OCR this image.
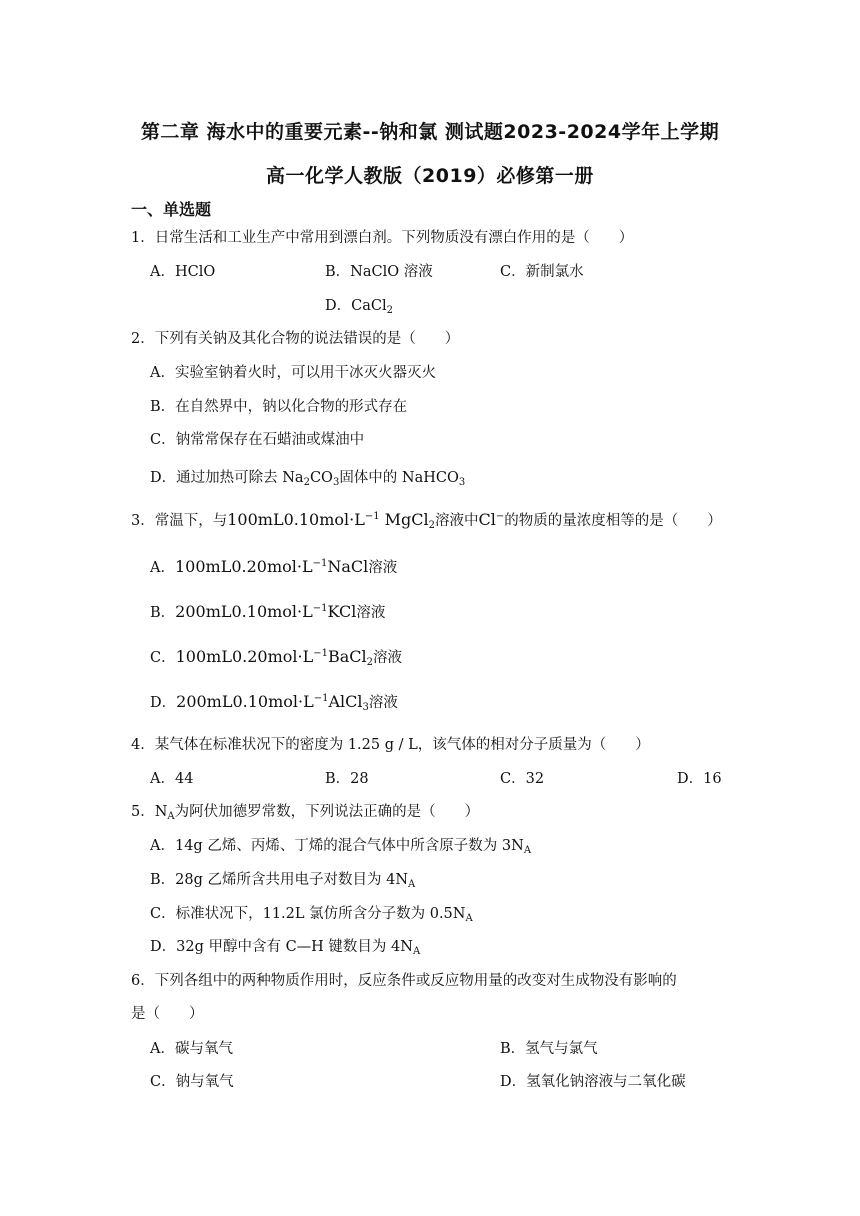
第二章 海水中的重要元素--钠和氯 测试题2023-2024学年上学期
高一化学人教版（2019）必修第一册
一、单选题
1．日常生活和工业生产中常用到漂白剂。下列物质没有漂白作用的是（　　）
A．HClO	B．NaClO 溶液	C．新制氯水
D．CaCl$_2$
2．下列有关钠及其化合物的说法错误的是（　　）
A．实验室钠着火时，可以用干冰灭火器灭火
B．在自然界中，钠以化合物的形式存在
C．钠常常保存在石蜡油或煤油中
D．通过加热可除去 $Na_2CO_3$固体中的 NaHCO$_3$
3．常温下，与$100mL0.10mol\cdot L^{-1}$ MgCl$_2$溶液中Cl−的物质的量浓度相等的是（　　）
A．$100mL0.20mol\cdot L^{-1}NaCl$溶液
B．$200mL0.10mol\cdot L^{-1}KCl$溶液
C．$100mL0.20mol\cdot L^{-1}BaCl_2$溶液
D．$200mL0.10mol\cdot L^{-1}AlCl_3$溶液
4．某气体在标准状况下的密度为 1.25 g / L，该气体的相对分子质量为（　　）
A．44	B．28	C．32	D．16
5．$N_A$为阿伏加德罗常数，下列说法正确的是（　　）
A．14g 乙烯、丙烯、丁烯的混合气体中所含原子数为 $3N_A$
B．28g 乙烯所含共用电子对数目为 $4N_A$
C．标准状况下，11.2L 氯仿所含分子数为 $0.5N_A$
D．32g 甲醇中含有 C—H 键数目为 $4N_A$
6．下列各组中的两种物质作用时，反应条件或反应物用量的改变对生成物没有影响的
是（　　）
A．碳与氧气	B．氢气与氯气
C．钠与氧气	D．氢氧化钠溶液与二氧化碳
